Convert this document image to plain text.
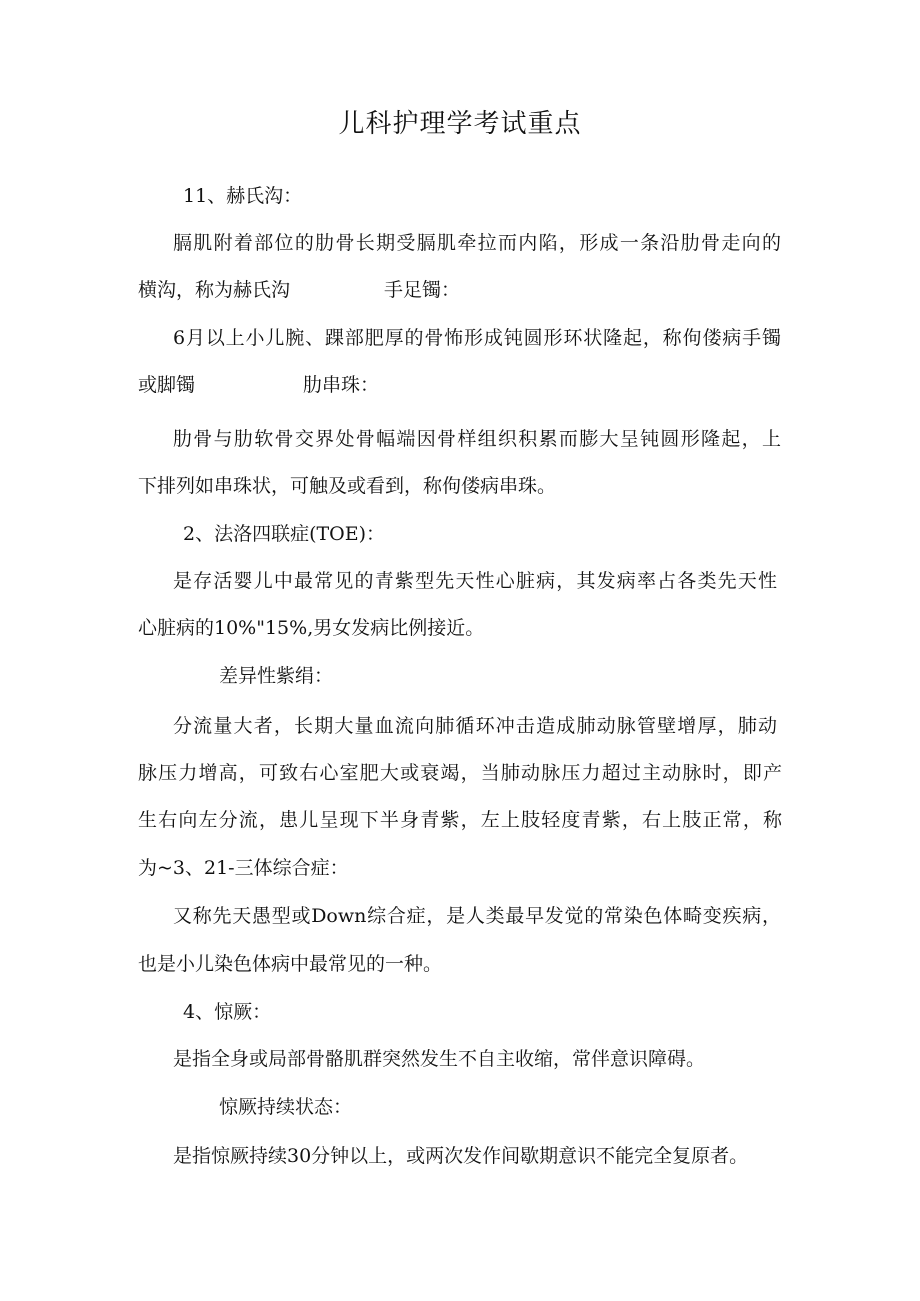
儿科护理学考试重点
11、赫氏沟：
膈肌附着部位的肋骨长期受膈肌牵拉而内陷，形成一条沿肋骨走向的
横沟，称为赫氏沟	手足镯：
6月以上小儿腕、踝部肥厚的骨怖形成钝圆形环状隆起，称佝偻病手镯
或脚镯	肋串珠：
肋骨与肋软骨交界处骨幅端因骨样组织积累而膨大呈钝圆形隆起，上
下排列如串珠状，可触及或看到，称佝偻病串珠。
2、法洛四联症(TOE)：
是存活婴儿中最常见的青紫型先天性心脏病，其发病率占各类先天性
心脏病的10%"15%,男女发病比例接近。
差异性紫绢：
分流量大者，长期大量血流向肺循环冲击造成肺动脉管壁增厚，肺动
脉压力增高，可致右心室肥大或衰竭，当肺动脉压力超过主动脉时，即产
生右向左分流，患儿呈现下半身青紫，左上肢轻度青紫，右上肢正常，称
为~3、21-三体综合症：
又称先天愚型或Down综合症，是人类最早发觉的常染色体畸变疾病，
也是小儿染色体病中最常见的一种。
4、惊厥：
是指全身或局部骨骼肌群突然发生不自主收缩，常伴意识障碍。
惊厥持续状态：
是指惊厥持续30分钟以上，或两次发作间歇期意识不能完全复原者。
